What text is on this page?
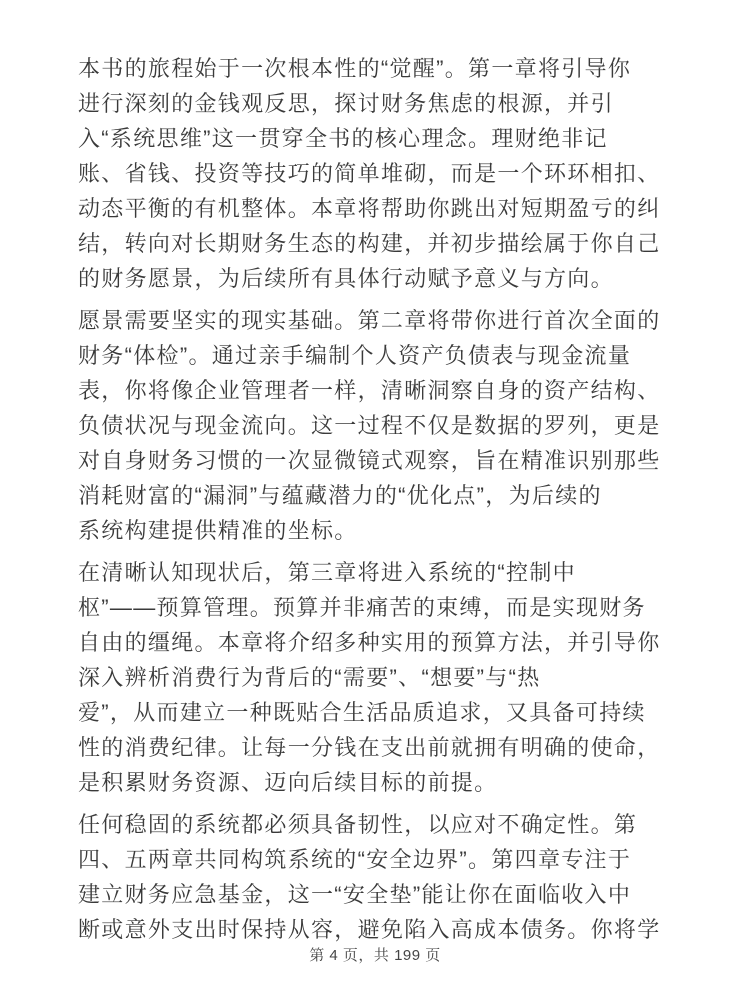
本书的旅程始于一次根本性的“觉醒”。第一章将引导你
进行深刻的金钱观反思，探讨财务焦虑的根源，并引
入“系统思维”这一贯穿全书的核心理念。理财绝非记
账、省钱、投资等技巧的简单堆砌，而是一个环环相扣、
动态平衡的有机整体。本章将帮助你跳出对短期盈亏的纠
结，转向对长期财务生态的构建，并初步描绘属于你自己
的财务愿景，为后续所有具体行动赋予意义与方向。
愿景需要坚实的现实基础。第二章将带你进行首次全面的
财务“体检”。通过亲手编制个人资产负债表与现金流量
表，你将像企业管理者一样，清晰洞察自身的资产结构、
负债状况与现金流向。这一过程不仅是数据的罗列，更是
对自身财务习惯的一次显微镜式观察，旨在精准识别那些
消耗财富的“漏洞”与蕴藏潜力的“优化点”，为后续的
系统构建提供精准的坐标。
在清晰认知现状后，第三章将进入系统的“控制中
枢”——预算管理。预算并非痛苦的束缚，而是实现财务
自由的缰绳。本章将介绍多种实用的预算方法，并引导你
深入辨析消费行为背后的“需要”、“想要”与“热
爱”，从而建立一种既贴合生活品质追求，又具备可持续
性的消费纪律。让每一分钱在支出前就拥有明确的使命，
是积累财务资源、迈向后续目标的前提。
任何稳固的系统都必须具备韧性，以应对不确定性。第
四、五两章共同构筑系统的“安全边界”。第四章专注于
建立财务应急基金，这一“安全垫”能让你在面临收入中
断或意外支出时保持从容，避免陷入高成本债务。你将学
第 4 页，共 199 页
